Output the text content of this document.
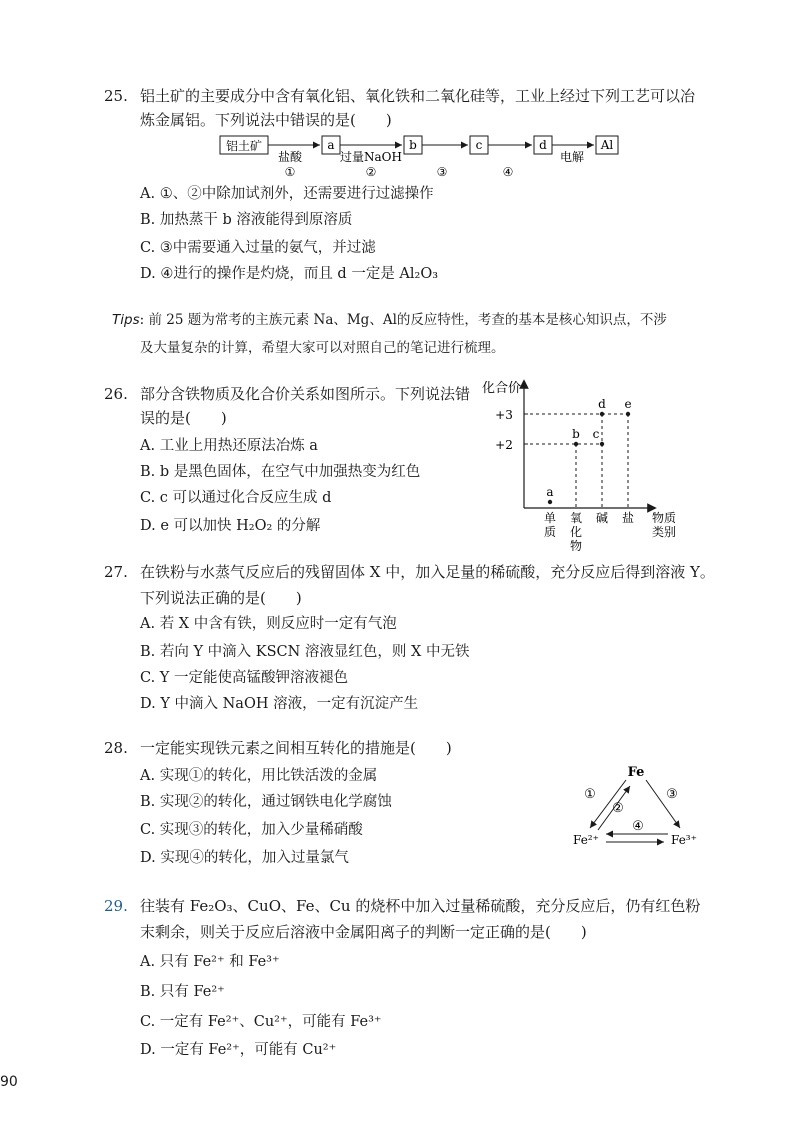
25. 铝土矿的主要成分中含有氧化铝、氧化铁和二氧化硅等，工业上经过下列工艺可以冶
炼金属铝。下列说法中错误的是(　　)
铝土矿
盐酸
①
a
过量NaOH
②
b
③
c
④
d
电解
Al
A. ①、②中除加试剂外，还需要进行过滤操作
B. 加热蒸干 b 溶液能得到原溶质
C. ③中需要通入过量的氨气，并过滤
D. ④进行的操作是灼烧，而且 d 一定是 Al₂O₃
Tips: 前 25 题为常考的主族元素 Na、Mg、Al的反应特性，考查的基本是核心知识点，不涉
及大量复杂的计算，希望大家可以对照自己的笔记进行梳理。
26. 部分含铁物质及化合价关系如图所示。下列说法错
误的是(　　)
A. 工业上用热还原法冶炼 a
B. b 是黑色固体，在空气中加强热变为红色
C. c 可以通过化合反应生成 d
D. e 可以加快 H₂O₂ 的分解
化合价
+3
+2
a
b c
d e
单
质
氧
化
物
碱 盐 物质
类别
27. 在铁粉与水蒸气反应后的残留固体 X 中，加入足量的稀硫酸，充分反应后得到溶液 Y。
下列说法正确的是(　　)
A. 若 X 中含有铁，则反应时一定有气泡
B. 若向 Y 中滴入 KSCN 溶液显红色，则 X 中无铁
C. Y 一定能使高锰酸钾溶液褪色
D. Y 中滴入 NaOH 溶液，一定有沉淀产生
28. 一定能实现铁元素之间相互转化的措施是(　　)
A. 实现①的转化，用比铁活泼的金属
B. 实现②的转化，通过钢铁电化学腐蚀
C. 实现③的转化，加入少量稀硝酸
D. 实现④的转化，加入过量氯气
Fe
Fe²⁺	Fe³⁺
①
②
③
④
29. 往装有 Fe₂O₃、CuO、Fe、Cu 的烧杯中加入过量稀硫酸，充分反应后，仍有红色粉
末剩余，则关于反应后溶液中金属阳离子的判断一定正确的是(　　)
A. 只有 Fe²⁺ 和 Fe³⁺
B. 只有 Fe²⁺
C. 一定有 Fe²⁺、Cu²⁺，可能有 Fe³⁺
D. 一定有 Fe²⁺，可能有 Cu²⁺
90
